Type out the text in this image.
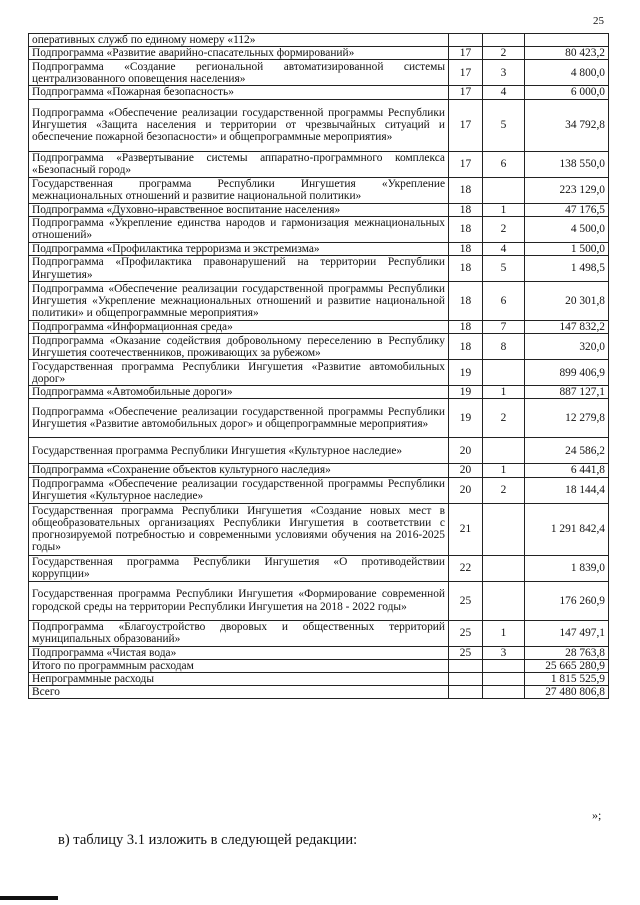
25
оперативных служб по единому номеру «112»			
Подпрограмма «Развитие аварийно-спасательных формирований»	17	2	80 423,2
Подпрограмма «Создание региональной автоматизированной системы централизованного оповещения населения»	17	3	4 800,0
Подпрограмма «Пожарная безопасность»	17	4	6 000,0
Подпрограмма «Обеспечение реализации государственной программы Республики Ингушетия «Защита населения и территории от чрезвычайных ситуаций и обеспечение пожарной безопасности» и общепрограммные мероприятия»	17	5	34 792,8
Подпрограмма «Развертывание системы аппаратно-программного комплекса «Безопасный город»	17	6	138 550,0
Государственная программа Республики Ингушетия «Укрепление межнациональных отношений и развитие национальной политики»	18		223 129,0
Подпрограмма «Духовно-нравственное воспитание населения»	18	1	47 176,5
Подпрограмма «Укрепление единства народов и гармонизация межнациональных отношений»	18	2	4 500,0
Подпрограмма «Профилактика терроризма и экстремизма»	18	4	1 500,0
Подпрограмма «Профилактика правонарушений на территории Республики Ингушетия»	18	5	1 498,5
Подпрограмма «Обеспечение реализации государственной программы Республики Ингушетия «Укрепление межнациональных отношений и развитие национальной политики» и общепрограммные мероприятия»	18	6	20 301,8
Подпрограмма «Информационная среда»	18	7	147 832,2
Подпрограмма «Оказание содействия добровольному переселению в Республику Ингушетия соотечественников, проживающих за рубежом»	18	8	320,0
Государственная программа Республики Ингушетия «Развитие автомобильных дорог»	19		899 406,9
Подпрограмма «Автомобильные дороги»	19	1	887 127,1
Подпрограмма «Обеспечение реализации государственной программы Республики Ингушетия «Развитие автомобильных дорог» и общепрограммные мероприятия»	19	2	12 279,8
Государственная программа Республики Ингушетия «Культурное наследие»	20		24 586,2
Подпрограмма «Сохранение объектов культурного наследия»	20	1	6 441,8
Подпрограмма «Обеспечение реализации государственной программы Республики Ингушетия «Культурное наследие»	20	2	18 144,4
Государственная программа Республики Ингушетия «Создание новых мест в общеобразовательных организациях Республики Ингушетия в соответствии с прогнозируемой потребностью и современными условиями обучения на 2016-2025 годы»	21		1 291 842,4
Государственная программа Республики Ингушетия «О противодействии коррупции»	22		1 839,0
Государственная программа Республики Ингушетия «Формирование современной городской среды на территории Республики Ингушетия на 2018 - 2022 годы»	25		176 260,9
Подпрограмма «Благоустройство дворовых и общественных территорий муниципальных образований»	25	1	147 497,1
Подпрограмма «Чистая вода»	25	3	28 763,8
Итого по программным расходам			25 665 280,9
Непрограммные расходы			1 815 525,9
Всего			27 480 806,8
»;
в) таблицу 3.1 изложить в следующей редакции:
